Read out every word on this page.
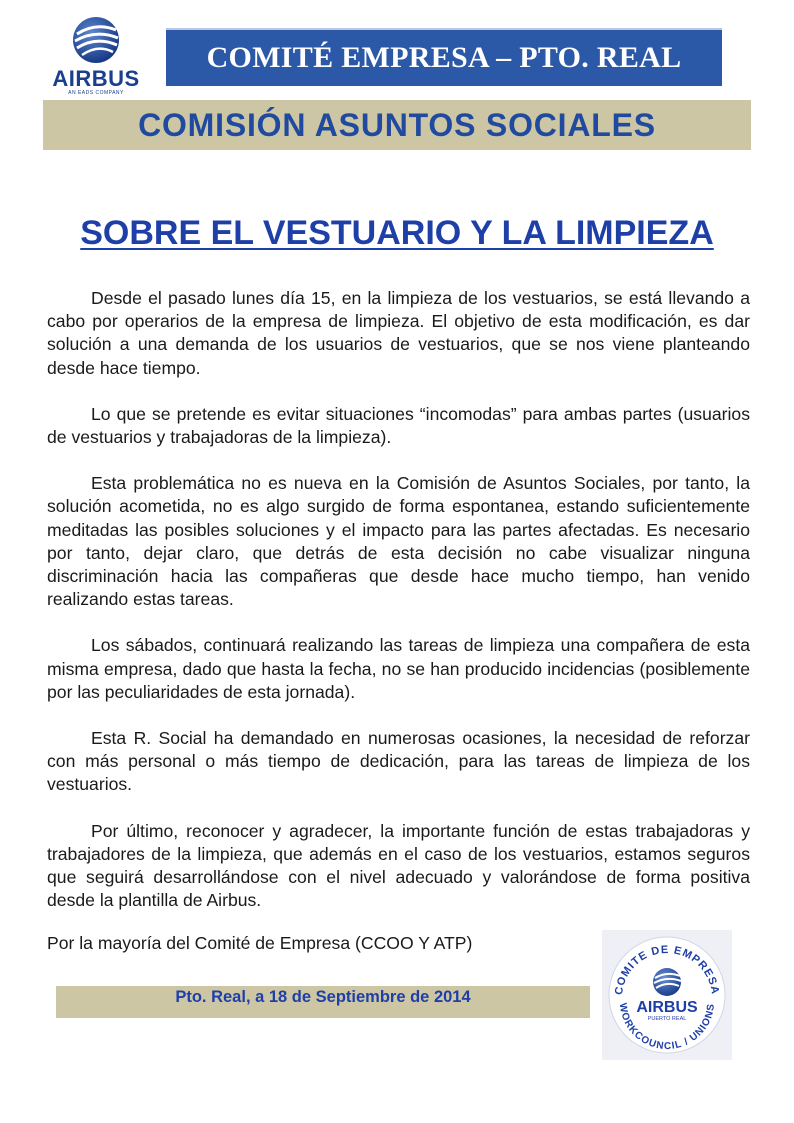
AIRBUS
AN EADS COMPANY
COMITÉ EMPRESA – PTO. REAL
COMISIÓN ASUNTOS SOCIALES
SOBRE EL VESTUARIO Y LA LIMPIEZA

Desde el pasado lunes día 15, en la limpieza de los vestuarios, se está llevando a cabo por operarios de la empresa de limpieza. El objetivo de esta modificación, es dar solución a una demanda de los usuarios de vestuarios, que se nos viene planteando desde hace tiempo.

Lo que se pretende es evitar situaciones “incomodas” para ambas partes (usuarios de vestuarios y trabajadoras de la limpieza).

Esta problemática no es nueva en la Comisión de Asuntos Sociales, por tanto, la solución acometida, no es algo surgido de forma espontanea, estando suficientemente meditadas las posibles soluciones y el impacto para las partes afectadas. Es necesario por tanto, dejar claro, que detrás de esta decisión no cabe visualizar ninguna discriminación hacia las compañeras que desde hace mucho tiempo, han venido realizando estas tareas.

Los sábados, continuará realizando las tareas de limpieza una compañera de esta misma empresa, dado que hasta la fecha, no se han producido incidencias (posiblemente por las peculiaridades de esta jornada).

Esta R. Social ha demandado en numerosas ocasiones, la necesidad de reforzar con más personal o más tiempo de dedicación, para las tareas de limpieza de los vestuarios.

Por último, reconocer y agradecer, la importante función de estas trabajadoras y trabajadores de la limpieza, que además en el caso de los vestuarios, estamos seguros que seguirá desarrollándose con el nivel adecuado y valorándose de forma positiva desde la plantilla de Airbus.

Por la mayoría del Comité de Empresa (CCOO Y ATP)
Pto. Real, a 18 de Septiembre de 2014	COMITE DE EMPRESA
WORKCOUNCIL / UNIONS
AIRBUS
PUERTO REAL
